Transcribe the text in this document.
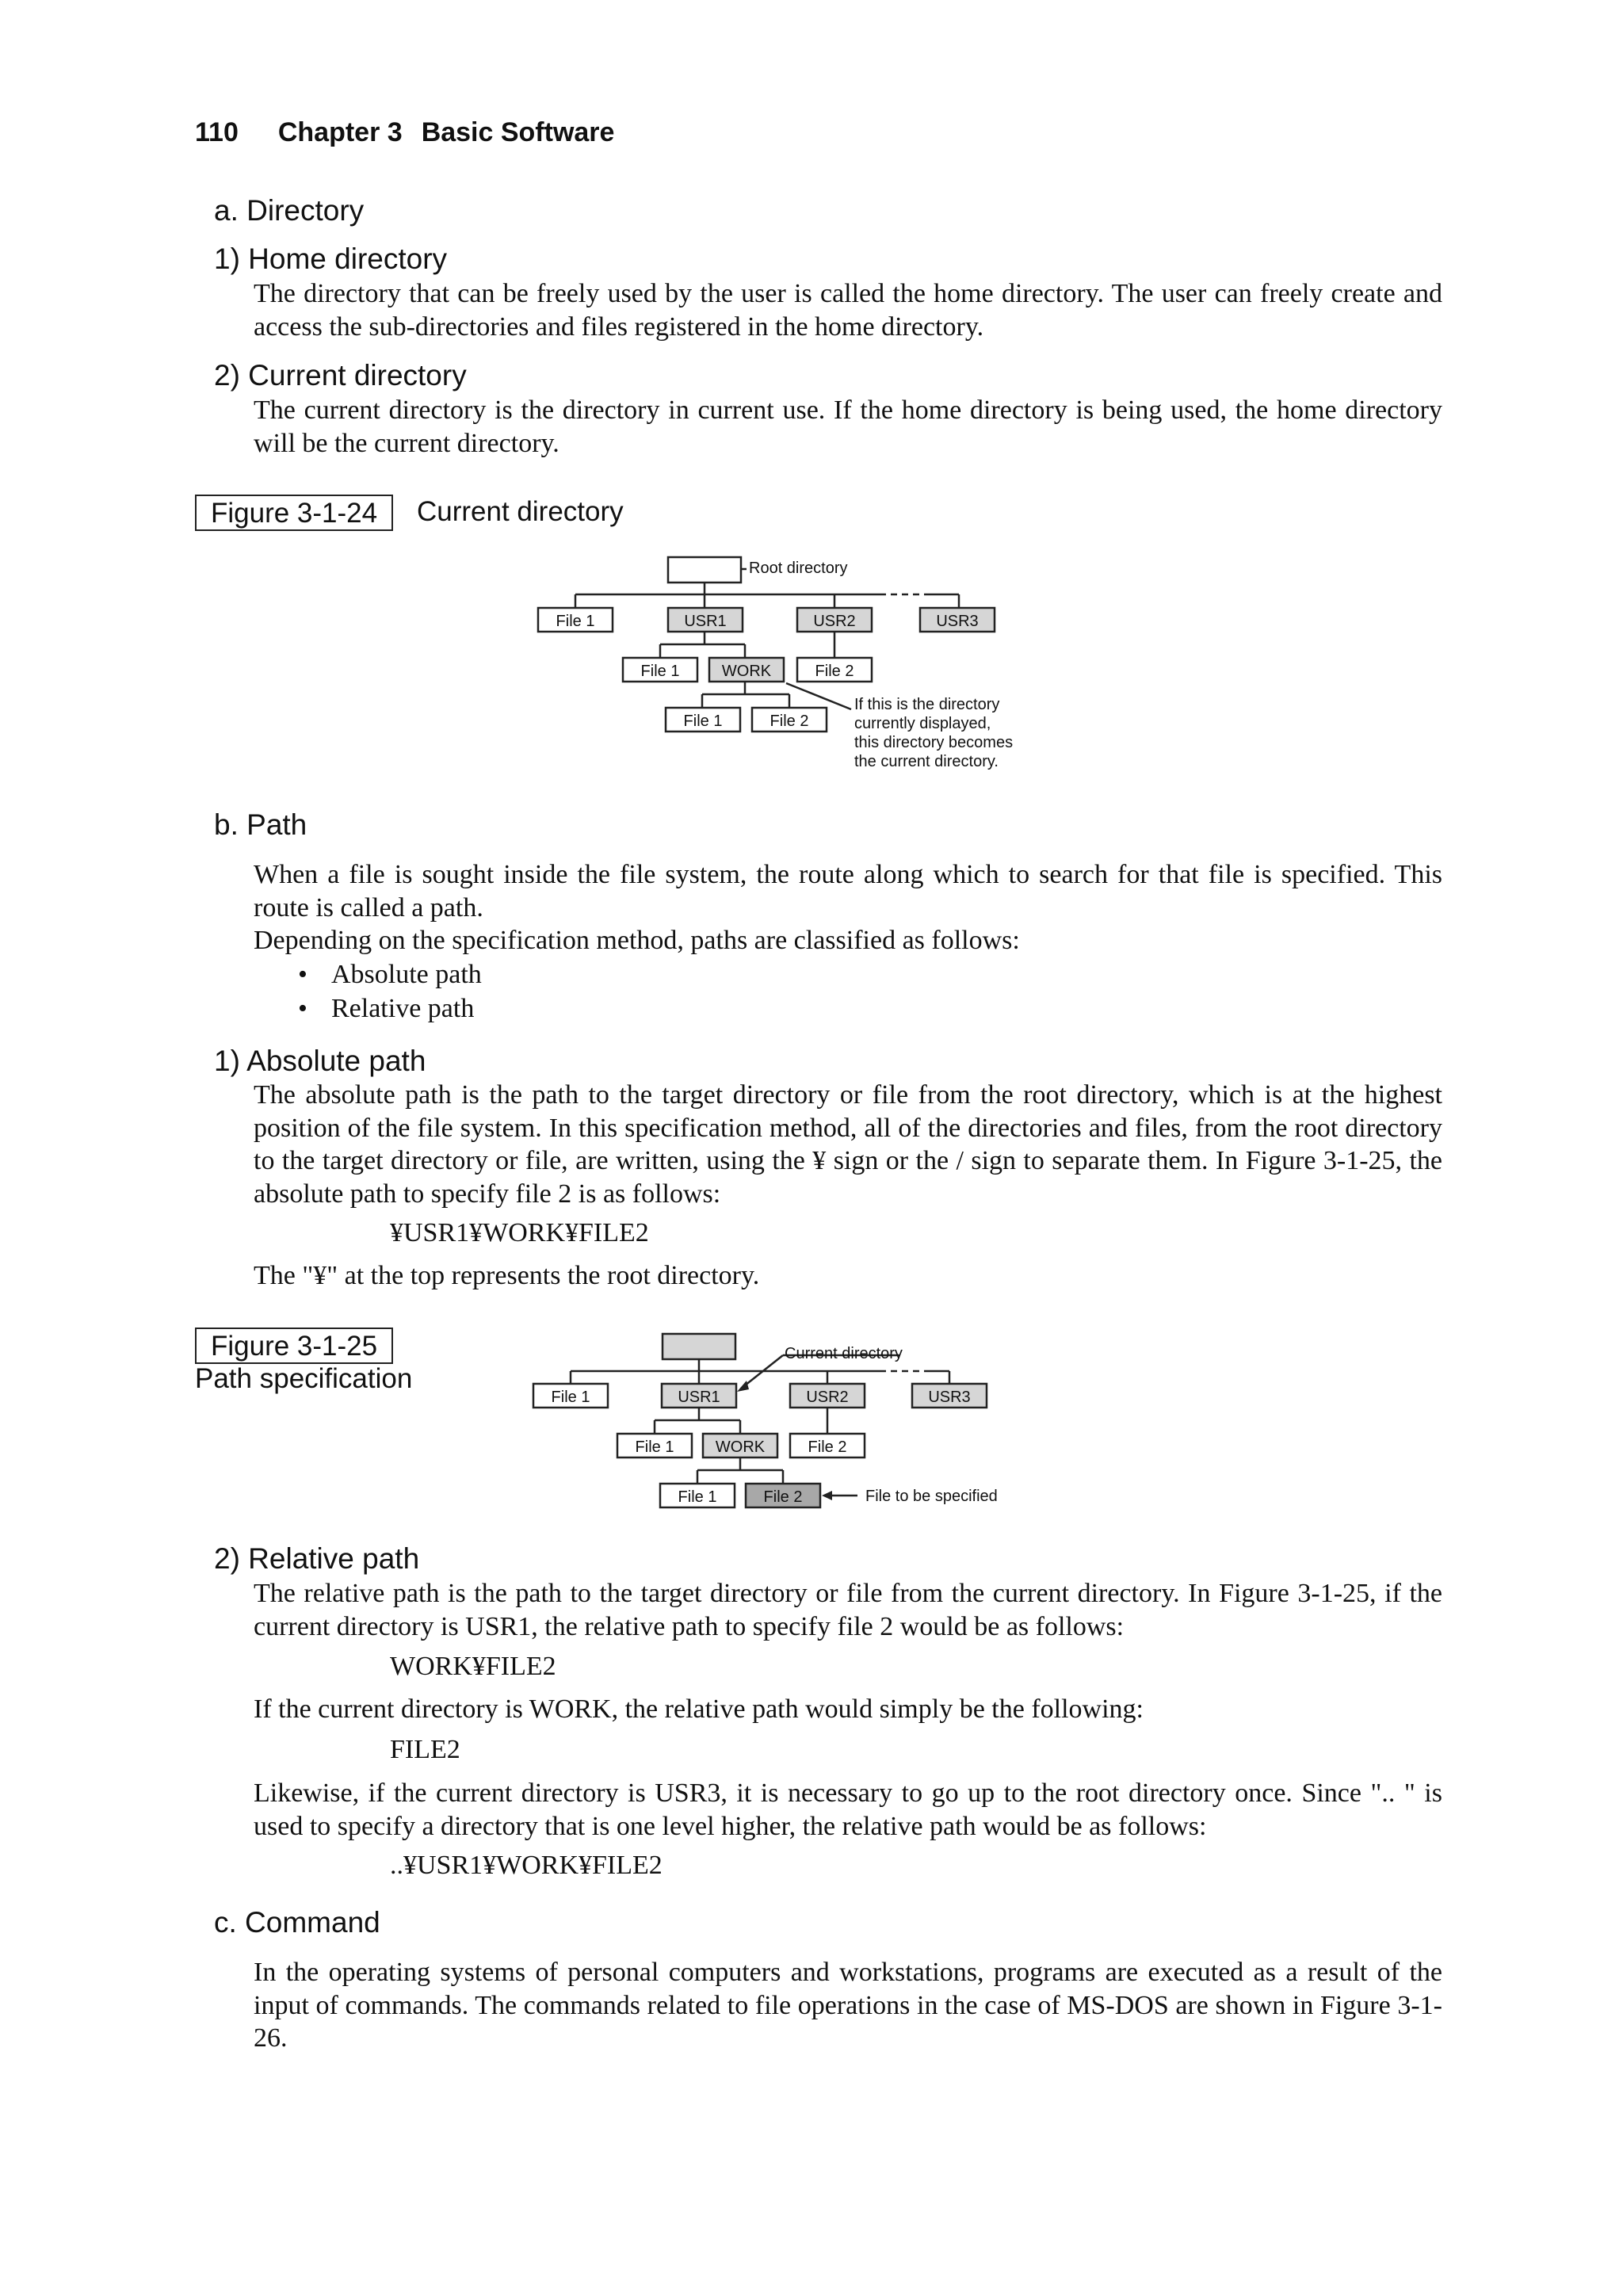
110 Chapter 3 Basic Software
a. Directory
1) Home directory
The directory that can be freely used by the user is called the home directory. The user can freely create and access the sub-directories and files registered in the home directory.
2) Current directory
The current directory is the directory in current use. If the home directory is being used, the home directory will be the current directory.
Figure 3-1-24	Current directory
File 1	USR1	USR2	USR3
File 1	WORK	File 2
File 1	File 2
Root directory
If this is the directory
currently displayed,
this directory becomes
the current directory.
File 1	USR1	USR2	USR3
File 1	WORK	File 2
File 1	File 2
Current directory
File to be specified
b. Path
When a file is sought inside the file system, the route along which to search for that file is specified. This route is called a path.
Depending on the specification method, paths are classified as follows:
• Absolute path
• Relative path
1) Absolute path
The absolute path is the path to the target directory or file from the root directory, which is at the highest position of the file system. In this specification method, all of the directories and files, from the root directory to the target directory or file, are written, using the ¥ sign or the / sign to separate them. In Figure 3-1-25, the absolute path to specify file 2 is as follows:
¥USR1¥WORK¥FILE2
The "¥" at the top represents the root directory.
Figure 3-1-25
Path specification
2) Relative path
The relative path is the path to the target directory or file from the current directory. In Figure 3-1-25, if the current directory is USR1, the relative path to specify file 2 would be as follows:
WORK¥FILE2
If the current directory is WORK, the relative path would simply be the following:
FILE2
Likewise, if the current directory is USR3, it is necessary to go up to the root directory once. Since ".. " is used to specify a directory that is one level higher, the relative path would be as follows:
..¥USR1¥WORK¥FILE2
c. Command
In the operating systems of personal computers and workstations, programs are executed as a result of the input of commands. The commands related to file operations in the case of MS-DOS are shown in Figure 3-1-26.
